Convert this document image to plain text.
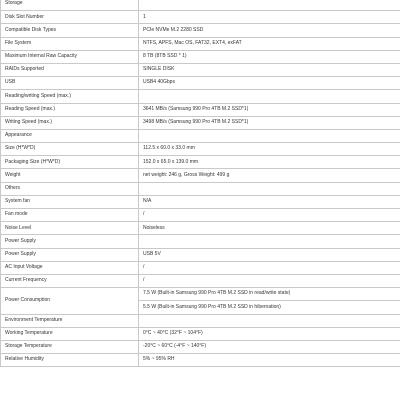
Storage	
Disk Slot Number	1
Compatible Disk Types	PCIe NVMe M.2 2280 SSD
File System	NTFS, APFS, Mac OS, FAT32, EXT4, exFAT
Maximum Internal Raw Capacity	8 TB (8TB SSD * 1)
RAIDs Supported	SINGLE DISK
USB	USB4 40Gbps
Reading/writing Speed (max.)	
Reading Speed (max.)	3641 MB/s (Samsung 990 Pro 4TB M.2 SSD*1)
Writing Speed (max.)	3498 MB/s (Samsung 990 Pro 4TB M.2 SSD*1)
Appearance	
Size (H*W*D)	112.5 x 60.0 x 33.0 mm
Packaging Size (H*W*D)	152.0 x 65.0 x 139.0 mm
Weight	net weight: 246 g, Gross Weight: 499 g
Others	
System fan	N/A
Fan mode	/
Noise Level	Noiseless
Power Supply	
Power Supply	USB 5V
AC Input Voltage	/
Current Frequency	/
Power Consumption	7.5 W (Built-in Samsung 990 Pro 4TB M.2 SSD in read/write state)
	5.5 W (Built-in Samsung 990 Pro 4TB M.2 SSD in hibernation)
Environment Temperature	
Working Temperature	0°C ~ 40°C (32°F ~ 104°F)
Storage Temperature	-20°C ~ 60°C (-4°F ~ 140°F)
Relative Humidity	5% ~ 95% RH
